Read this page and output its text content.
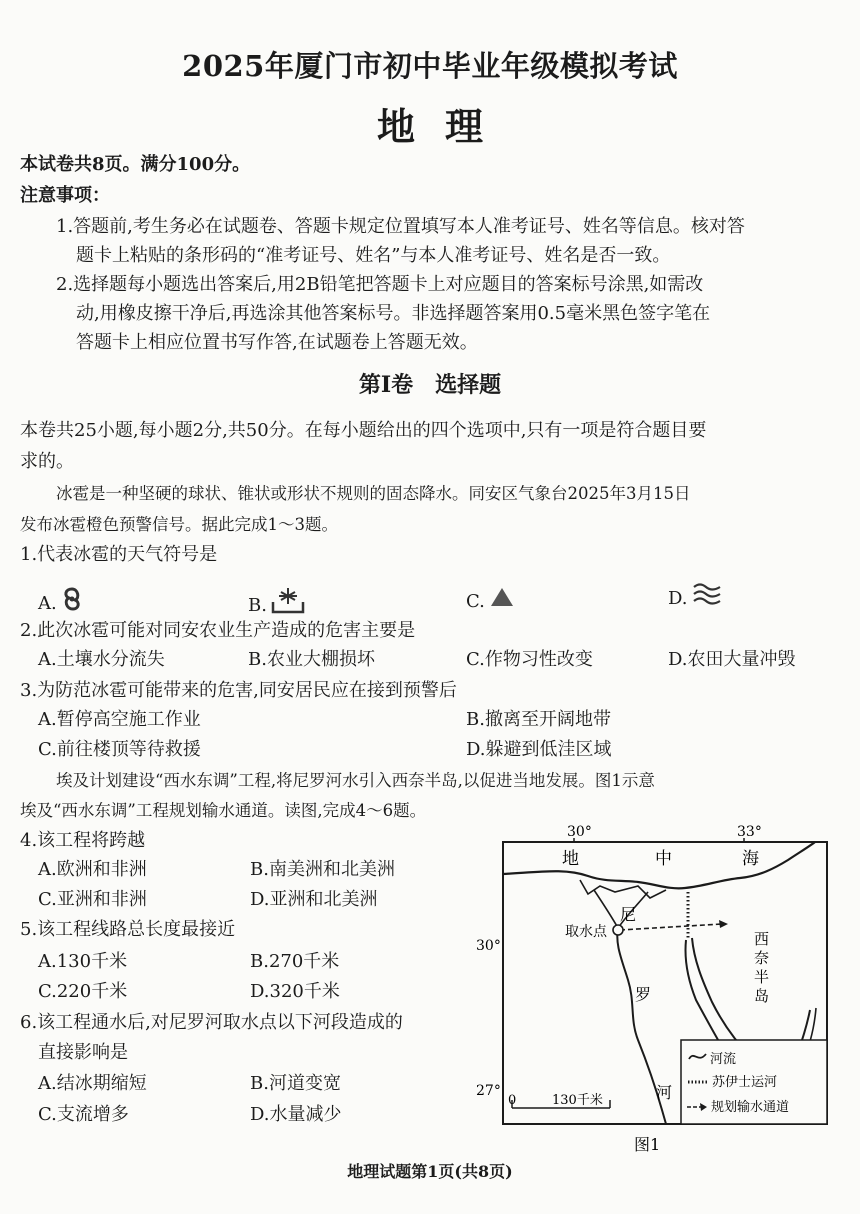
2025年厦门市初中毕业年级模拟考试
地理
本试卷共8页。满分100分。
注意事项：
1.答题前,考生务必在试题卷、答题卡规定位置填写本人准考证号、姓名等信息。核对答
题卡上粘贴的条形码的“准考证号、姓名”与本人准考证号、姓名是否一致。
2.选择题每小题选出答案后,用2B铅笔把答题卡上对应题目的答案标号涂黑,如需改
动,用橡皮擦干净后,再选涂其他答案标号。非选择题答案用0.5毫米黑色签字笔在
答题卡上相应位置书写作答,在试题卷上答题无效。
第Ⅰ卷　选择题
本卷共25小题,每小题2分,共50分。在每小题给出的四个选项中,只有一项是符合题目要
求的。
冰雹是一种坚硬的球状、锥状或形状不规则的固态降水。同安区气象台2025年3月15日
发布冰雹橙色预警信号。据此完成1～3题。
1.代表冰雹的天气符号是
A.	B.	C.	D.
2.此次冰雹可能对同安农业生产造成的危害主要是
A.土壤水分流失	B.农业大棚损坏	C.作物习性改变	D.农田大量冲毁
3.为防范冰雹可能带来的危害,同安居民应在接到预警后
A.暂停高空施工作业	B.撤离至开阔地带
C.前往楼顶等待救援	D.躲避到低洼区域
埃及计划建设“西水东调”工程,将尼罗河水引入西奈半岛,以促进当地发展。图1示意
埃及“西水东调”工程规划输水通道。读图,完成4～6题。
4.该工程将跨越
A.欧洲和非洲	B.南美洲和北美洲
C.亚洲和非洲	D.亚洲和北美洲
5.该工程线路总长度最接近
A.130千米	B.270千米
C.220千米	D.320千米
6.该工程通水后,对尼罗河取水点以下河段造成的
直接影响是
A.结冰期缩短	B.河道变宽
C.支流增多	D.水量减少
30°	33°
30°
27°
地	中	海
取水点
尼
罗
河
西
奈
半
岛
河流
苏伊士运河
规划输水通道
0	130千米
图1
地理试题第1页(共8页)
